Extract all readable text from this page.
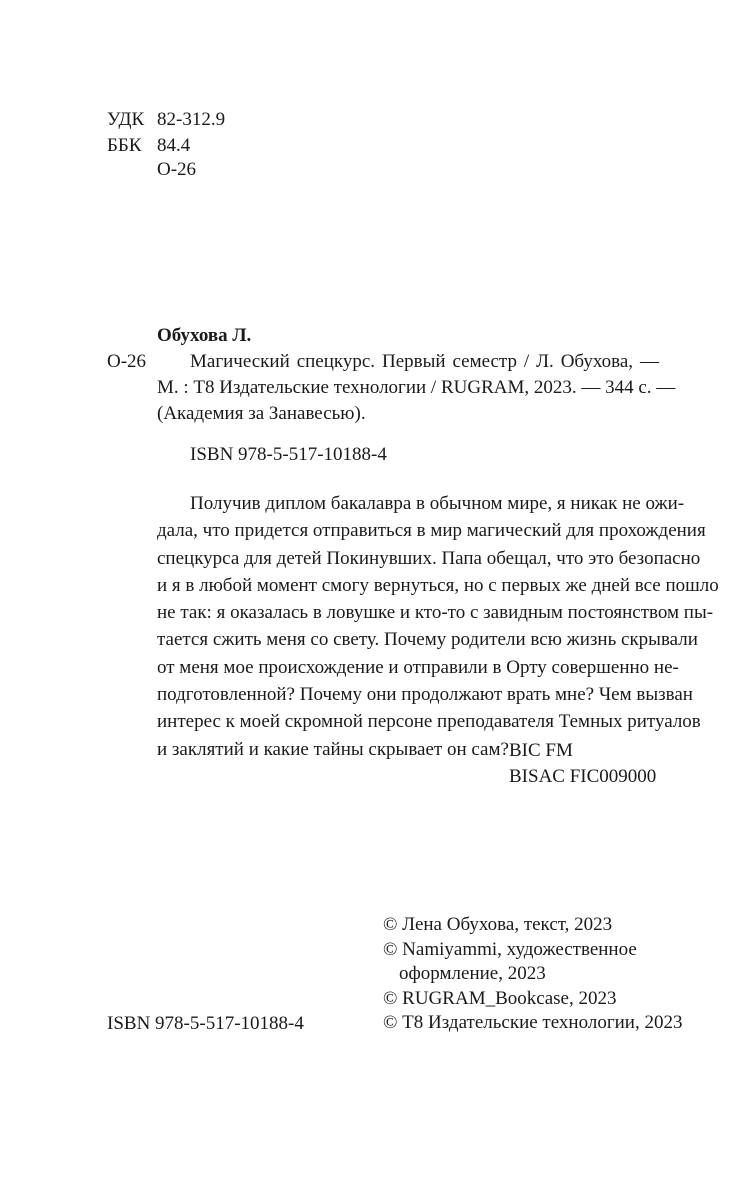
УДК 82-312.9
ББК 84.4
О-26
Обухова Л.
О-26	Магический спецкурс. Первый семестр / Л. Обухова, —
М. : Т8 Издательские технологии / RUGRAM, 2023. — 344 с. —
(Академия за Занавесью).
ISBN 978-5-517-10188-4
Получив диплом бакалавра в обычном мире, я никак не ожи-
дала, что придется отправиться в мир магический для прохождения
спецкурса для детей Покинувших. Папа обещал, что это безопасно
и я в любой момент смогу вернуться, но с первых же дней все пошло
не так: я оказалась в ловушке и кто-то с завидным постоянством пы-
тается сжить меня со свету. Почему родители всю жизнь скрывали
от меня мое происхождение и отправили в Орту совершенно не-
подготовленной? Почему они продолжают врать мне? Чем вызван
интерес к моей скромной персоне преподавателя Темных ритуалов
и заклятий и какие тайны скрывает он сам? BIC FM
BISAC FIC009000
© Лена Обухова, текст, 2023
© Namiyammi, художественное
оформление, 2023
© RUGRAM_Bookcase, 2023
© Т8 Издательские технологии, 2023
ISBN 978-5-517-10188-4
